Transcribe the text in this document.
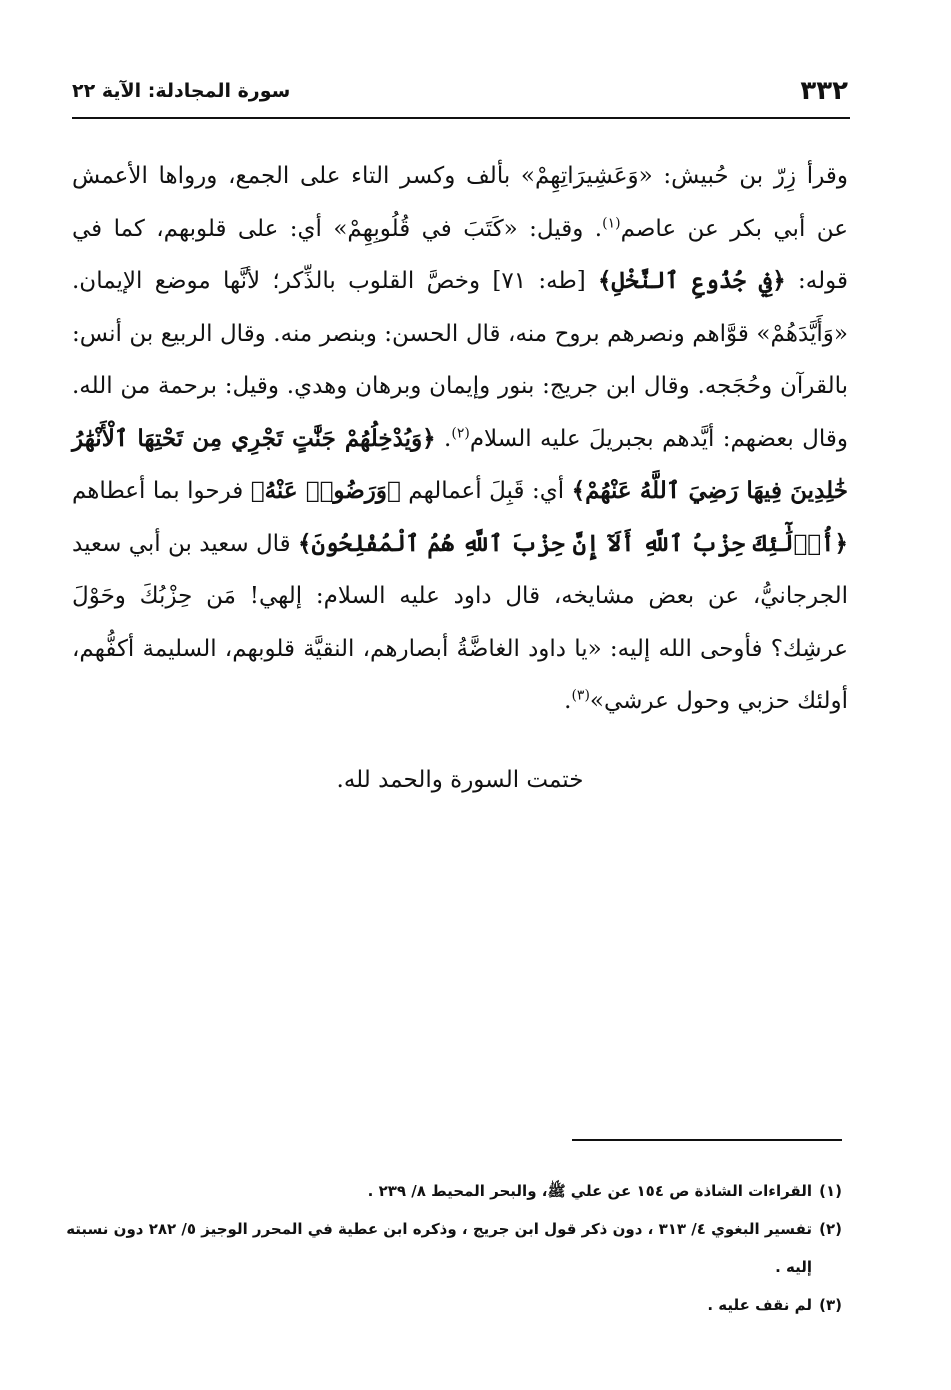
٣٣٢
سورة المجادلة: الآية ٢٢
وقرأ زِرّ بن حُبيش: «وَعَشِيرَاتِهِمْ» بألف وكسر التاء على الجمع، ورواها الأعمش عن أبي بكر عن عاصم$^{(١)}$. وقيل: «كَتَبَ في قُلُوبِهِمْ» أي: على قلوبهم، كما في قوله: ﴿فِي جُذُوعِ ٱلنَّخْلِ﴾ [طه: ٧١] وخصَّ القلوب بالذِّكر؛ لأنَّها موضع الإيمان. «وَأَيَّدَهُمْ» قوَّاهم ونصرهم بروح منه، قال الحسن: وبنصر منه. وقال الربيع بن أنس: بالقرآن وحُجَجه. وقال ابن جريج: بنور وإيمان وبرهان وهدي. وقيل: برحمة من الله. وقال بعضهم: أيَّدهم بجبريلَ عليه السلام$^{(٢)}$. ﴿وَيُدْخِلُهُمْ جَنَّٰتٍ تَجْرِي مِن تَحْتِهَا ٱلْأَنْهَٰرُ خَٰلِدِينَ فِيهَا رَضِيَ ٱللَّهُ عَنْهُمْ﴾ أي: قَبِلَ أعمالهم ﴿وَرَضُوا۟ عَنْهُ﴾ فرحوا بما أعطاهم ﴿أُو۟لَٰٓئِكَ حِزْبُ ٱللَّهِ أَلَآ إِنَّ حِزْبَ ٱللَّهِ هُمُ ٱلْمُفْلِحُونَ﴾ قال سعيد بن أبي سعيد الجرجانيُّ، عن بعض مشايخه، قال داود عليه السلام: إلهي! مَن حِزْبُكَ وحَوْلَ عرشِك؟ فأوحى الله إليه: «يا داود الغاضَّةُ أبصارهم، النقيَّة قلوبهم، السليمة أكفُّهم، أولئك حزبي وحول عرشي»$^{(٣)}$.
ختمت السورة والحمد لله.
(١)
القراءات الشاذة ص ١٥٤ عن علي ﷺ، والبحر المحيط ٨/ ٢٣٩ .
(٢)
تفسير البغوي ٤/ ٣١٣ ، دون ذكر قول ابن جريج ، وذكره ابن عطية في المحرر الوجيز ٥/ ٢٨٢ دون نسبته إليه .
(٣)
لم نقف عليه .
